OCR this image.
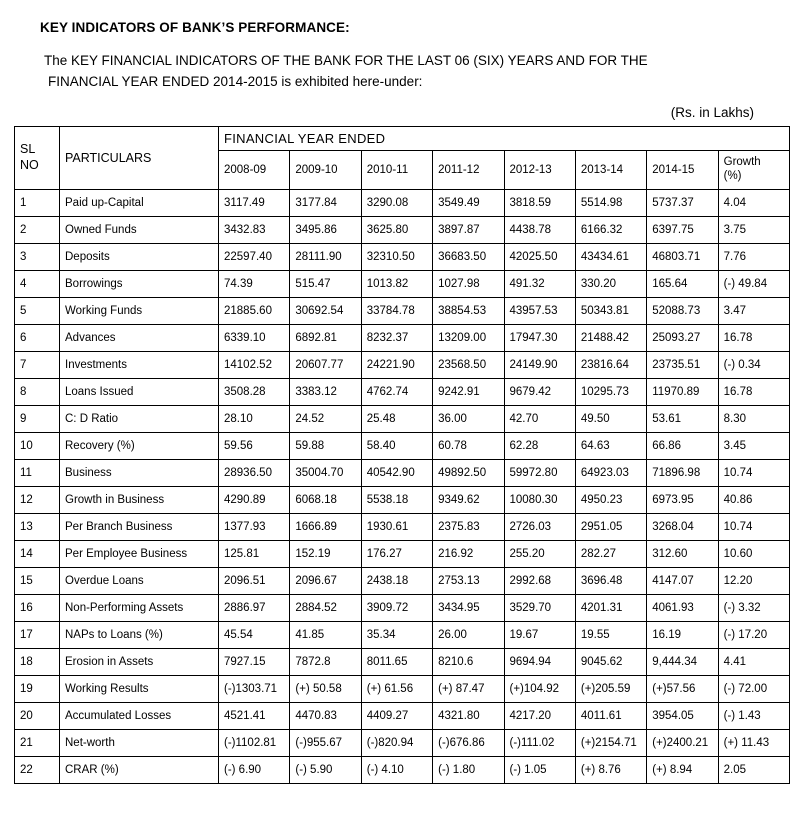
KEY INDICATORS OF BANK’S PERFORMANCE:
The KEY FINANCIAL INDICATORS OF THE BANK FOR THE LAST 06 (SIX) YEARS AND FOR THE
FINANCIAL YEAR ENDED 2014-2015 is exhibited here-under:
(Rs. in Lakhs)
SL
NO	PARTICULARS	FINANCIAL YEAR ENDED							
		2008-09	2009-10	2010-11	2011-12	2012-13	2013-14	2014-15	Growth
(%)
1	Paid up-Capital	3117.49	3177.84	3290.08	3549.49	3818.59	5514.98	5737.37	4.04
2	Owned Funds	3432.83	3495.86	3625.80	3897.87	4438.78	6166.32	6397.75	3.75
3	Deposits	22597.40	28111.90	32310.50	36683.50	42025.50	43434.61	46803.71	7.76
4	Borrowings	74.39	515.47	1013.82	1027.98	491.32	330.20	165.64	(-) 49.84
5	Working Funds	21885.60	30692.54	33784.78	38854.53	43957.53	50343.81	52088.73	3.47
6	Advances	6339.10	6892.81	8232.37	13209.00	17947.30	21488.42	25093.27	16.78
7	Investments	14102.52	20607.77	24221.90	23568.50	24149.90	23816.64	23735.51	(-) 0.34
8	Loans Issued	3508.28	3383.12	4762.74	9242.91	9679.42	10295.73	11970.89	16.78
9	C: D Ratio	28.10	24.52	25.48	36.00	42.70	49.50	53.61	8.30
10	Recovery (%)	59.56	59.88	58.40	60.78	62.28	64.63	66.86	3.45
11	Business	28936.50	35004.70	40542.90	49892.50	59972.80	64923.03	71896.98	10.74
12	Growth in Business	4290.89	6068.18	5538.18	9349.62	10080.30	4950.23	6973.95	40.86
13	Per Branch Business	1377.93	1666.89	1930.61	2375.83	2726.03	2951.05	3268.04	10.74
14	Per Employee Business	125.81	152.19	176.27	216.92	255.20	282.27	312.60	10.60
15	Overdue Loans	2096.51	2096.67	2438.18	2753.13	2992.68	3696.48	4147.07	12.20
16	Non-Performing Assets	2886.97	2884.52	3909.72	3434.95	3529.70	4201.31	4061.93	(-) 3.32
17	NAPs to Loans (%)	45.54	41.85	35.34	26.00	19.67	19.55	16.19	(-) 17.20
18	Erosion in Assets	7927.15	7872.8	8011.65	8210.6	9694.94	9045.62	9,444.34	4.41
19	Working Results	(-)1303.71	(+) 50.58	(+) 61.56	(+) 87.47	(+)104.92	(+)205.59	(+)57.56	(-) 72.00
20	Accumulated Losses	4521.41	4470.83	4409.27	4321.80	4217.20	4011.61	3954.05	(-) 1.43
21	Net-worth	(-)1102.81	(-)955.67	(-)820.94	(-)676.86	(-)111.02	(+)2154.71	(+)2400.21	(+) 11.43
22	CRAR (%)	(-) 6.90	(-) 5.90	(-) 4.10	(-) 1.80	(-) 1.05	(+) 8.76	(+) 8.94	2.05
